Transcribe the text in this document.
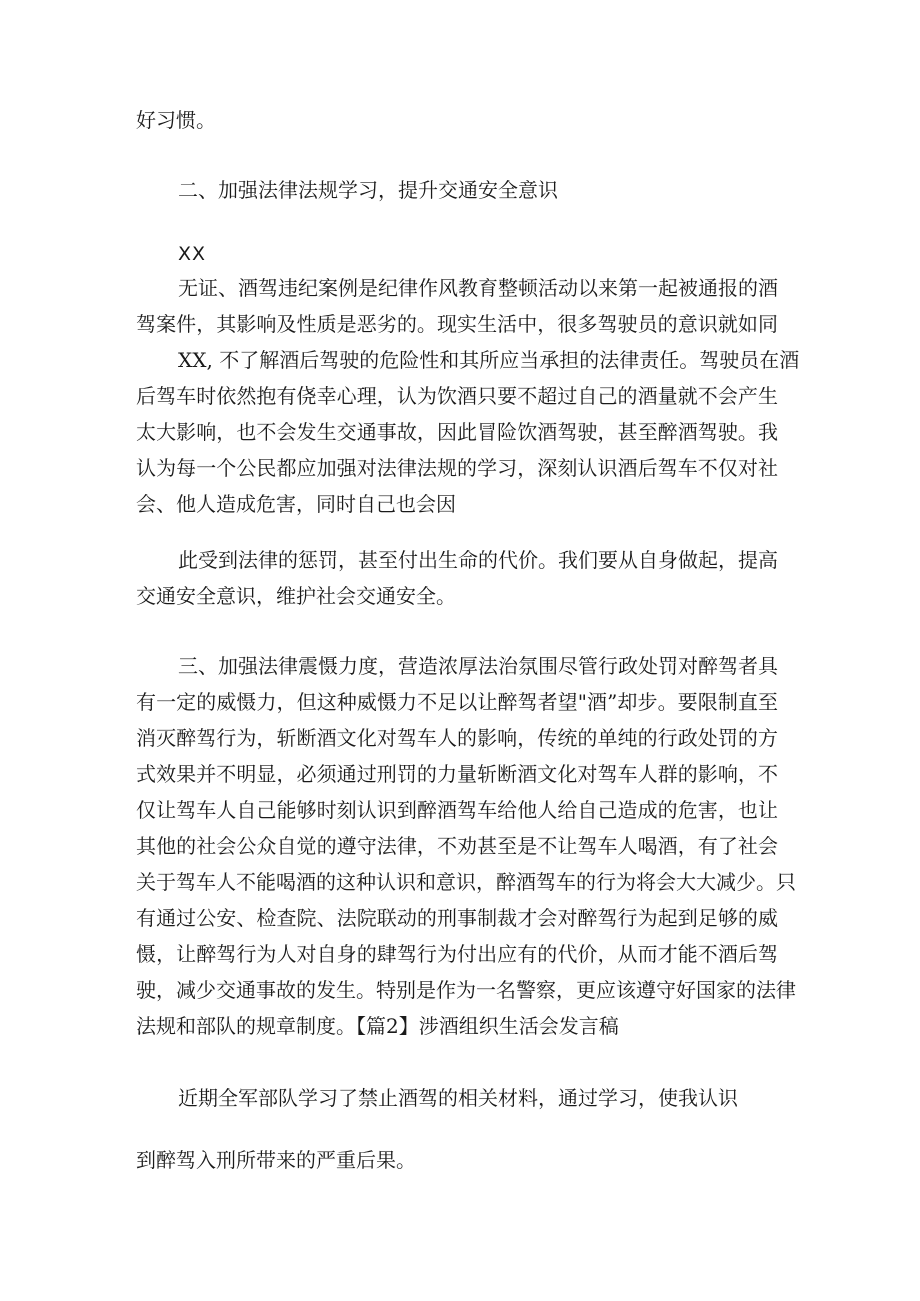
好习惯。

二、加强法律法规学习，提升交通安全意识

XX

无证、酒驾违纪案例是纪律作风教育整顿活动以来第一起被通报的酒

驾案件，其影响及性质是恶劣的。现实生活中，很多驾驶员的意识就如同

XX, 不了解酒后驾驶的危险性和其所应当承担的法律责任。驾驶员在酒

后驾车时依然抱有侥幸心理，认为饮酒只要不超过自己的酒量就不会产生

太大影响，也不会发生交通事故，因此冒险饮酒驾驶，甚至醉酒驾驶。我

认为每一个公民都应加强对法律法规的学习，深刻认识酒后驾车不仅对社

会、他人造成危害，同时自己也会因

此受到法律的惩罚，甚至付出生命的代价。我们要从自身做起，提高

交通安全意识，维护社会交通安全。

三、加强法律震慑力度，营造浓厚法治氛围尽管行政处罚对醉驾者具

有一定的威慑力，但这种威慑力不足以让醉驾者望"酒”却步。要限制直至

消灭醉驾行为，斩断酒文化对驾车人的影响，传统的单纯的行政处罚的方

式效果并不明显，必须通过刑罚的力量斩断酒文化对驾车人群的影响，不

仅让驾车人自己能够时刻认识到醉酒驾车给他人给自己造成的危害，也让

其他的社会公众自觉的遵守法律，不劝甚至是不让驾车人喝酒，有了社会

关于驾车人不能喝酒的这种认识和意识，醉酒驾车的行为将会大大减少。只

有通过公安、检查院、法院联动的刑事制裁才会对醉驾行为起到足够的威

慑，让醉驾行为人对自身的肆驾行为付出应有的代价，从而才能不酒后驾

驶，减少交通事故的发生。特别是作为一名警察，更应该遵守好国家的法律

法规和部队的规章制度。【篇2】涉酒组织生活会发言稿

近期全军部队学习了禁止酒驾的相关材料，通过学习，使我认识

到醉驾入刑所带来的严重后果。
